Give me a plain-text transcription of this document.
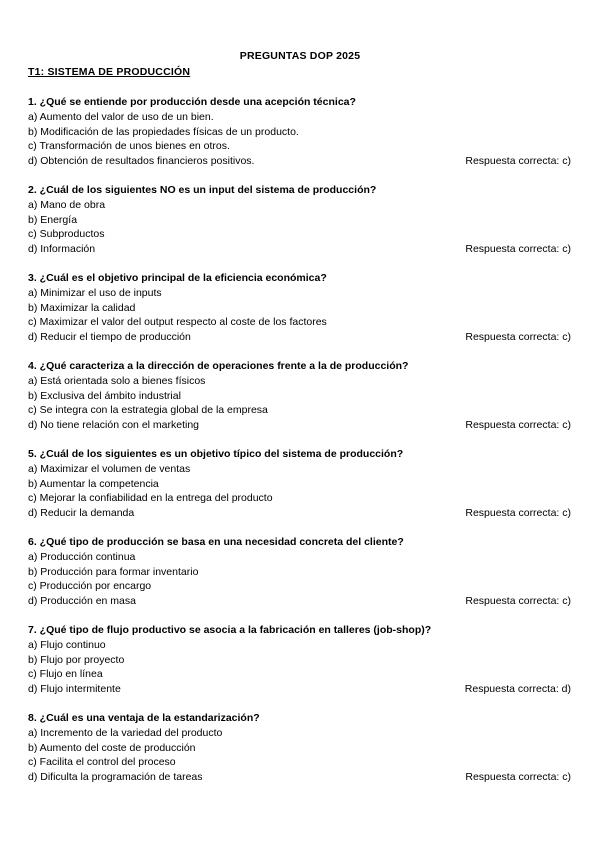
PREGUNTAS DOP 2025
T1: SISTEMA DE PRODUCCIÓN
1. ¿Qué se entiende por producción desde una acepción técnica?
a) Aumento del valor de uso de un bien.
b) Modificación de las propiedades físicas de un producto.
c) Transformación de unos bienes en otros.
d) Obtención de resultados financieros positivos.	Respuesta correcta: c)
2. ¿Cuál de los siguientes NO es un input del sistema de producción?
a) Mano de obra
b) Energía
c) Subproductos
d) Información	Respuesta correcta: c)
3. ¿Cuál es el objetivo principal de la eficiencia económica?
a) Minimizar el uso de inputs
b) Maximizar la calidad
c) Maximizar el valor del output respecto al coste de los factores
d) Reducir el tiempo de producción	Respuesta correcta: c)
4. ¿Qué caracteriza a la dirección de operaciones frente a la de producción?
a) Está orientada solo a bienes físicos
b) Exclusiva del ámbito industrial
c) Se integra con la estrategia global de la empresa
d) No tiene relación con el marketing	Respuesta correcta: c)
5. ¿Cuál de los siguientes es un objetivo típico del sistema de producción?
a) Maximizar el volumen de ventas
b) Aumentar la competencia
c) Mejorar la confiabilidad en la entrega del producto
d) Reducir la demanda	Respuesta correcta: c)
6. ¿Qué tipo de producción se basa en una necesidad concreta del cliente?
a) Producción continua
b) Producción para formar inventario
c) Producción por encargo
d) Producción en masa	Respuesta correcta: c)
7. ¿Qué tipo de flujo productivo se asocia a la fabricación en talleres (job-shop)?
a) Flujo continuo
b) Flujo por proyecto
c) Flujo en línea
d) Flujo intermitente	Respuesta correcta: d)
8. ¿Cuál es una ventaja de la estandarización?
a) Incremento de la variedad del producto
b) Aumento del coste de producción
c) Facilita el control del proceso
d) Dificulta la programación de tareas	Respuesta correcta: c)
